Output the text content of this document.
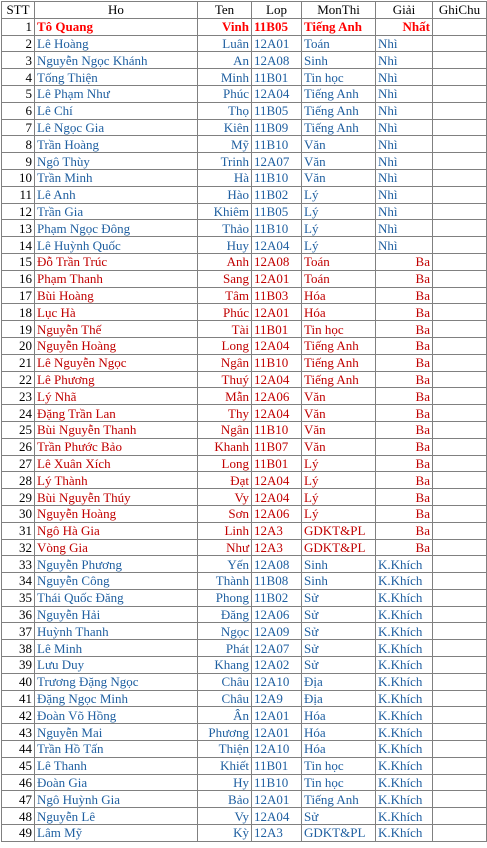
STT	Ho	Ten	Lop	MonThi	Giải	GhiChu
1	Tô Quang	Vinh	11B05	Tiếng Anh	Nhất	
2	Lê Hoàng	Luân	12A01	Toán	Nhì	
3	Nguyễn Ngọc Khánh	An	12A08	Sinh	Nhì	
4	Tống Thiện	Minh	11B01	Tin học	Nhì	
5	Lê Phạm Như	Phúc	12A04	Tiếng Anh	Nhì	
6	Lê Chí	Thọ	11B05	Tiếng Anh	Nhì	
7	Lê Ngọc Gia	Kiên	11B09	Tiếng Anh	Nhì	
8	Trần Hoàng	Mỹ	11B10	Văn	Nhì	
9	Ngô Thùy	Trinh	12A07	Văn	Nhì	
10	Trần Minh	Hà	11B10	Văn	Nhì	
11	Lê Anh	Hào	11B02	Lý	Nhì	
12	Trần Gia	Khiêm	11B05	Lý	Nhì	
13	Phạm Ngọc Đông	Thảo	11B10	Lý	Nhì	
14	Lê Huỳnh Quốc	Huy	12A04	Lý	Nhì	
15	Đỗ Trần Trúc	Anh	12A08	Toán	Ba	
16	Phạm Thanh	Sang	12A01	Toán	Ba	
17	Bùi Hoàng	Tâm	11B03	Hóa	Ba	
18	Lục Hà	Phúc	12A01	Hóa	Ba	
19	Nguyễn Thế	Tài	11B01	Tin học	Ba	
20	Nguyễn Hoàng	Long	12A04	Tiếng Anh	Ba	
21	Lê Nguyễn Ngọc	Ngân	11B10	Tiếng Anh	Ba	
22	Lê Phương	Thuý	12A04	Tiếng Anh	Ba	
23	Lý Nhã	Mẫn	12A06	Văn	Ba	
24	Đặng Trần Lan	Thy	12A04	Văn	Ba	
25	Bùi Nguyễn Thanh	Ngân	11B10	Văn	Ba	
26	Trần Phước Bảo	Khanh	11B07	Văn	Ba	
27	Lê Xuân Xích	Long	11B01	Lý	Ba	
28	Lý Thành	Đạt	12A04	Lý	Ba	
29	Bùi Nguyễn Thúy	Vy	12A04	Lý	Ba	
30	Nguyễn Hoàng	Sơn	12A06	Lý	Ba	
31	Ngô Hà Gia	Linh	12A3	GDKT&PL	Ba	
32	Vòng Gia	Như	12A3	GDKT&PL	Ba	
33	Nguyễn Phương	Yến	12A08	Sinh	K.Khích	
34	Nguyễn Công	Thành	11B08	Sinh	K.Khích	
35	Thái Quốc Đăng	Phong	11B02	Sử	K.Khích	
36	Nguyễn Hải	Đăng	12A06	Sử	K.Khích	
37	Huỳnh Thanh	Ngọc	12A09	Sử	K.Khích	
38	Lê Minh	Phát	12A07	Sử	K.Khích	
39	Lưu Duy	Khang	12A02	Sử	K.Khích	
40	Trương Đặng Ngọc	Châu	12A10	Địa	K.Khích	
41	Đặng Ngọc Minh	Châu	12A9	Địa	K.Khích	
42	Đoàn Võ Hồng	Ân	12A01	Hóa	K.Khích	
43	Nguyễn Mai	Phương	12A01	Hóa	K.Khích	
44	Trần Hồ Tấn	Thiện	12A10	Hóa	K.Khích	
45	Lê Thanh	Khiết	11B01	Tin học	K.Khích	
46	Đoàn Gia	Hy	11B10	Tin học	K.Khích	
47	Ngô Huỳnh Gia	Bảo	12A01	Tiếng Anh	K.Khích	
48	Nguyễn Lê	Vy	12A04	Sử	K.Khích	
49	Lâm Mỹ	Kỳ	12A3	GDKT&PL	K.Khích	
